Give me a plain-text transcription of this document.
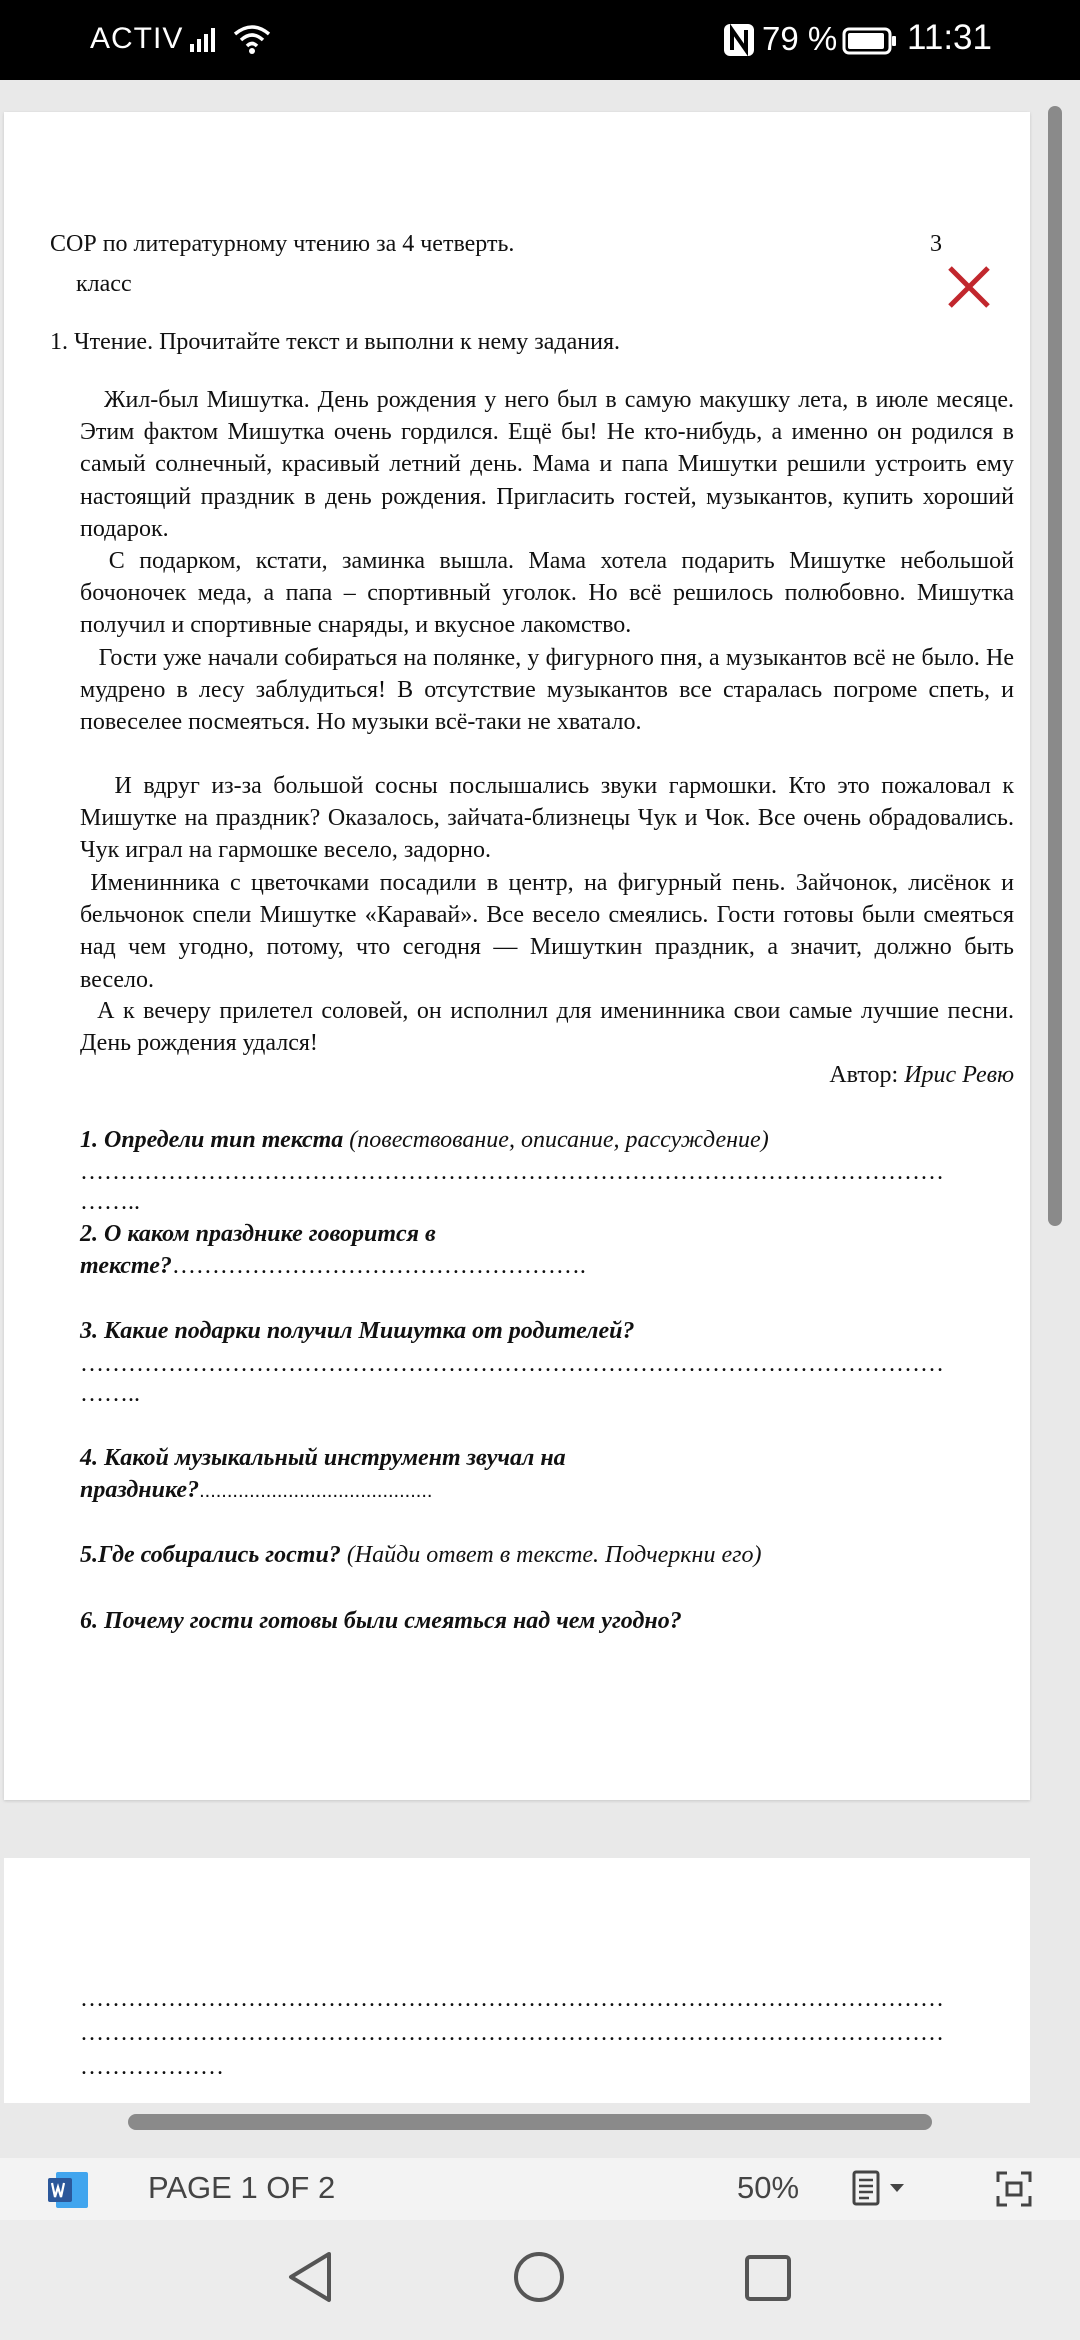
ACTIV	79 % 11:31
СОР по литературному чтению за 4 четверть.	3
класс
1. Чтение. Прочитайте текст и выполни к нему задания.
Жил-был Мишутка. День рождения у него был в самую макушку лета, в июле месяце. Этим фактом Мишутка очень гордился. Ещё бы! Не кто-нибудь, а именно он родился в самый солнечный, красивый летний день. Мама и папа Мишутки решили устроить ему настоящий праздник в день рождения. Пригласить гостей, музыкантов, купить хороший подарок.
С подарком, кстати, заминка вышла. Мама хотела подарить Мишутке небольшой бочоночек меда, а папа – спортивный уголок. Но всё решилось полюбовно. Мишутка получил и спортивные снаряды, и вкусное лакомство.
Гости уже начали собираться на полянке, у фигурного пня, а музыкантов всё не было. Не мудрено в лесу заблудиться! В отсутствие музыкантов все старалась погроме спеть, и повеселее посмеяться. Но музыки всё-таки не хватало.
И вдруг из-за большой сосны послышались звуки гармошки. Кто это пожаловал к Мишутке на праздник? Оказалось, зайчата-близнецы Чук и Чок. Все очень обрадовались. Чук играл на гармошке весело, задорно.
Именинника с цветочками посадили в центр, на фигурный пень. Зайчонок, лисёнок и бельчонок спели Мишутке «Каравай». Все весело смеялись. Гости готовы были смеяться над чем угодно, потому, что сегодня — Мишуткин праздник, а значит, должно быть весело.
А к вечеру прилетел соловей, он исполнил для именинника свои самые лучшие песни. День рождения удался!
Автор: Ирис Ревю
1. Определи тип текста (повествование, описание, рассуждение)
………………………………………………………………………………………………
……..
2. О каком празднике говорится в
тексте?…………………………………………….
3. Какие подарки получил Мишутка от родителей?
………………………………………………………………………………………………
……..
4. Какой музыкальный инструмент звучал на
празднике?..........................................
5.Где собирались гости? (Найди ответ в тексте. Подчеркни его)
6. Почему гости готовы были смеяться над чем угодно?
………………………………………………………………………………………………
………………………………………………………………………………………………
………………
PAGE 1 OF 2	50%
